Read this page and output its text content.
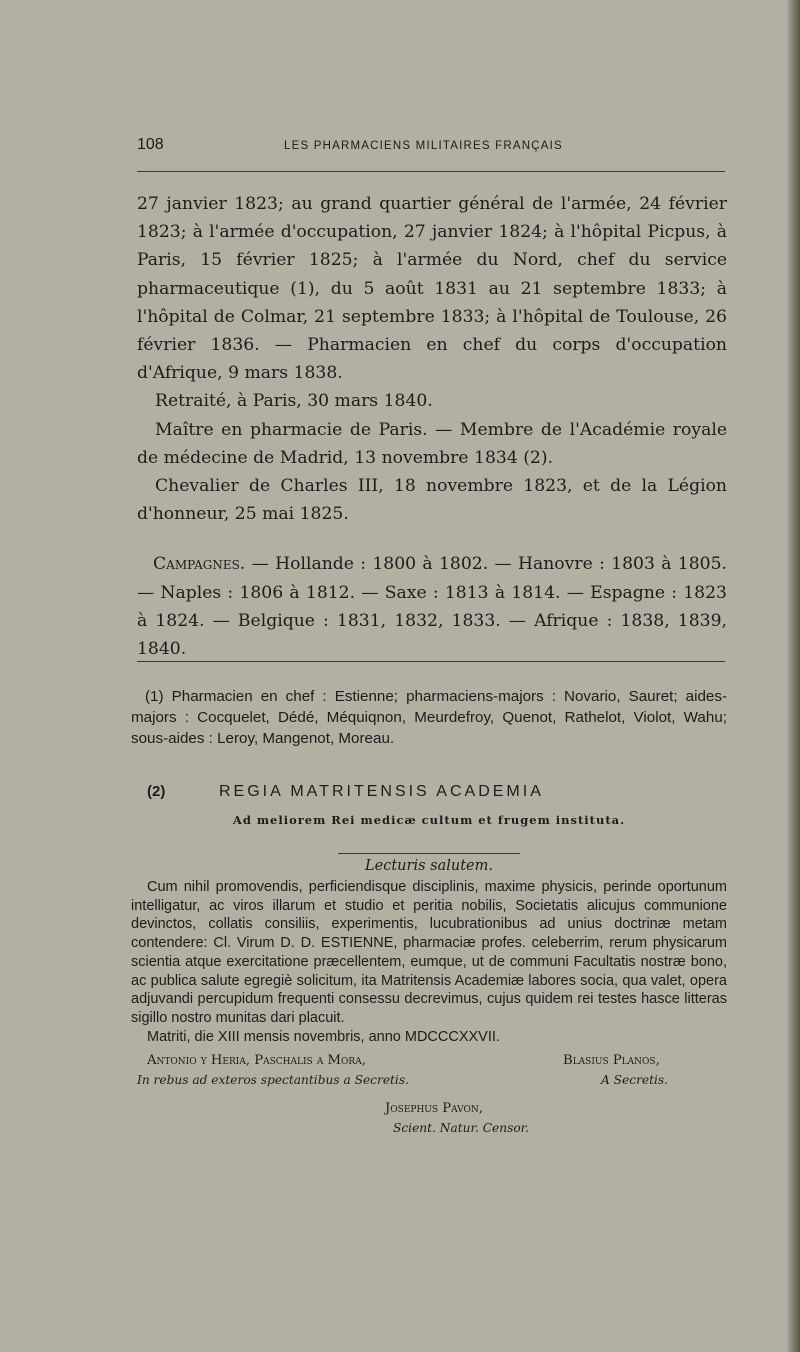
108	LES PHARMACIENS MILITAIRES FRANÇAIS

27 janvier 1823; au grand quartier général de l'armée, 24 février 1823; à l'armée d'occupation, 27 janvier 1824; à l'hôpital Picpus, à Paris, 15 février 1825; à l'armée du Nord, chef du service pharmaceutique (1), du 5 août 1831 au 21 septembre 1833; à l'hôpital de Colmar, 21 septembre 1833; à l'hôpital de Toulouse, 26 février 1836. — Pharmacien en chef du corps d'occupation d'Afrique, 9 mars 1838.

Retraité, à Paris, 30 mars 1840.

Maître en pharmacie de Paris. — Membre de l'Académie royale de médecine de Madrid, 13 novembre 1834 (2).

Chevalier de Charles III, 18 novembre 1823, et de la Légion d'honneur, 25 mai 1825.

Campagnes. — Hollande : 1800 à 1802. — Hanovre : 1803 à 1805. — Naples : 1806 à 1812. — Saxe : 1813 à 1814. — Espagne : 1823 à 1824. — Belgique : 1831, 1832, 1833. — Afrique : 1838, 1839, 1840.

(1) Pharmacien en chef : Estienne; pharmaciens-majors : Novario, Sauret; aides-majors : Cocquelet, Dédé, Méquiqnon, Meurdefroy, Quenot, Rathelot, Violot, Wahu; sous-aides : Leroy, Mangenot, Moreau.
(2)	REGIA MATRITENSIS ACADEMIA
Ad meliorem Rei medicæ cultum et frugem instituta.
Lecturis salutem.
Cum nihil promovendis, perficiendisque disciplinis, maxime physicis, perinde oportunum intelligatur, ac viros illarum et studio et peritia nobilis, Societatis alicujus communione devinctos, collatis consiliis, experimentis, lucubrationibus ad unius doctrinæ metam contendere: Cl. Virum D. D. ESTIENNE, pharmaciæ profes. celeberrim, rerum physicarum scientia atque exercitatione præcellentem, eumque, ut de communi Facultatis nostræ bono, ac publica salute egregiè solicitum, ita Matritensis Academiæ labores socia, qua valet, opera adjuvandi percupidum frequenti consessu decrevimus, cujus quidem rei testes hasce litteras sigillo nostro munitas dari placuit.
Matriti, die XIII mensis novembris, anno MDCCCXXVII.
Antonio y Heria, Paschalis a Mora,
In rebus ad exteros spectantibus a Secretis.
Blasius Planos,
A Secretis.
Josephus Pavon,
Scient. Natur. Censor.
